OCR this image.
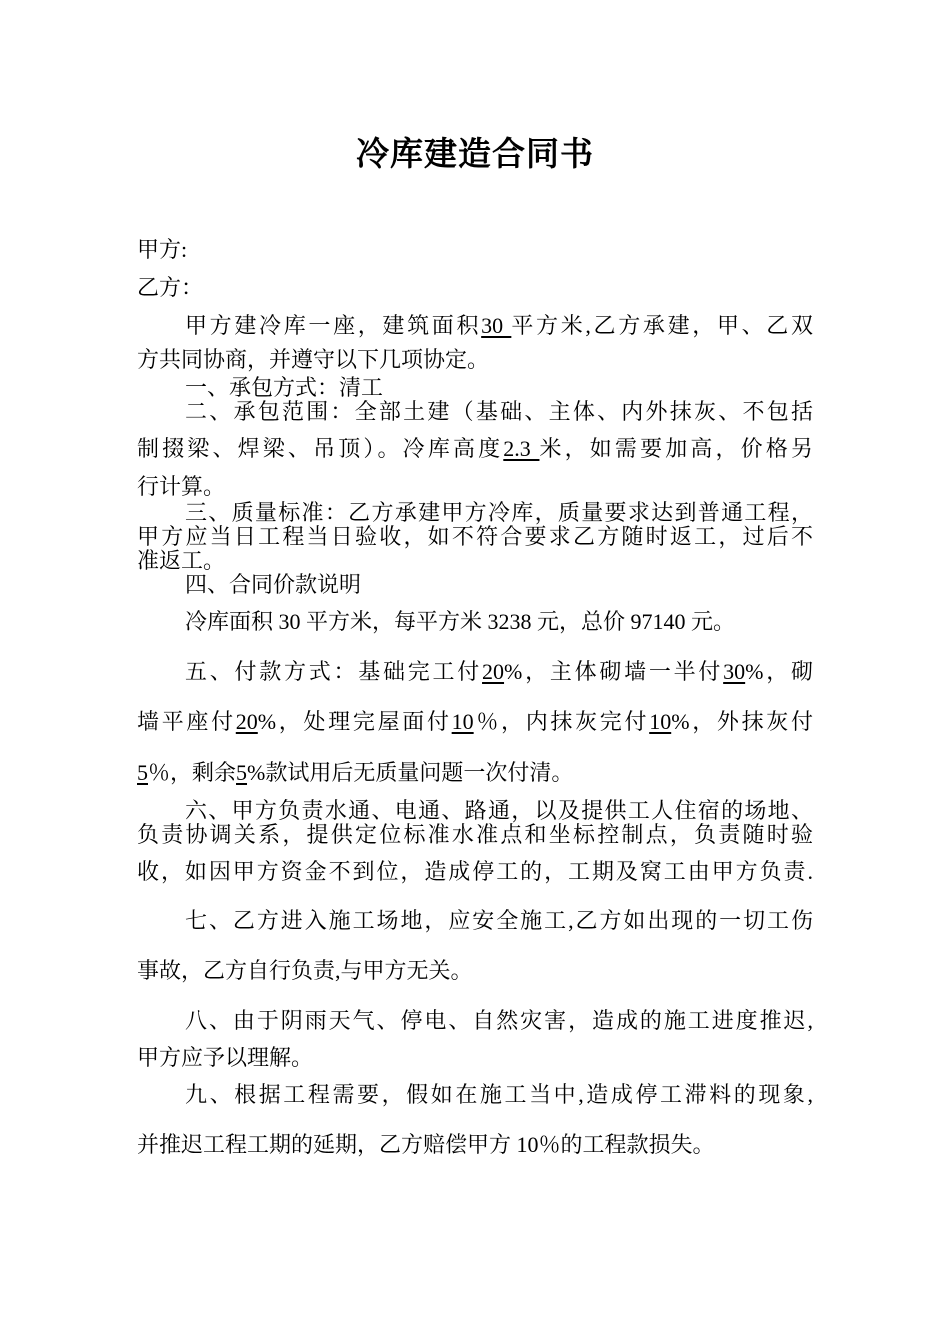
冷库建造合同书

甲方:

乙方：

甲方建冷库一座，建筑面积30 平方米,乙方承建，甲、乙双

方共同协商，并遵守以下几项协定。

一、承包方式：清工

二、承包范围：全部土建（基础、主体、内外抹灰、不包括

制掇梁、焊梁、吊顶）。冷库高度2.3 米，如需要加高，价格另

行计算。

三、质量标准：乙方承建甲方冷库，质量要求达到普通工程，

甲方应当日工程当日验收，如不符合要求乙方随时返工，过后不

准返工。

四、合同价款说明

冷库面积 30 平方米，每平方米 3238 元，总价 97140 元。

五、付款方式：基础完工付20%，主体砌墙一半付30%，砌

墙平座付20%，处理完屋面付10％，内抹灰完付10%，外抹灰付

5％，剩余5%款试用后无质量问题一次付清。

六、甲方负责水通、电通、路通，以及提供工人住宿的场地、

负责协调关系，提供定位标准水准点和坐标控制点，负责随时验

收，如因甲方资金不到位，造成停工的，工期及窝工由甲方负责.

七、乙方进入施工场地，应安全施工,乙方如出现的一切工伤

事故，乙方自行负责,与甲方无关。

八、由于阴雨天气、停电、自然灾害，造成的施工进度推迟,

甲方应予以理解。

九、根据工程需要，假如在施工当中,造成停工滞料的现象,

并推迟工程工期的延期，乙方赔偿甲方 10％的工程款损失。
